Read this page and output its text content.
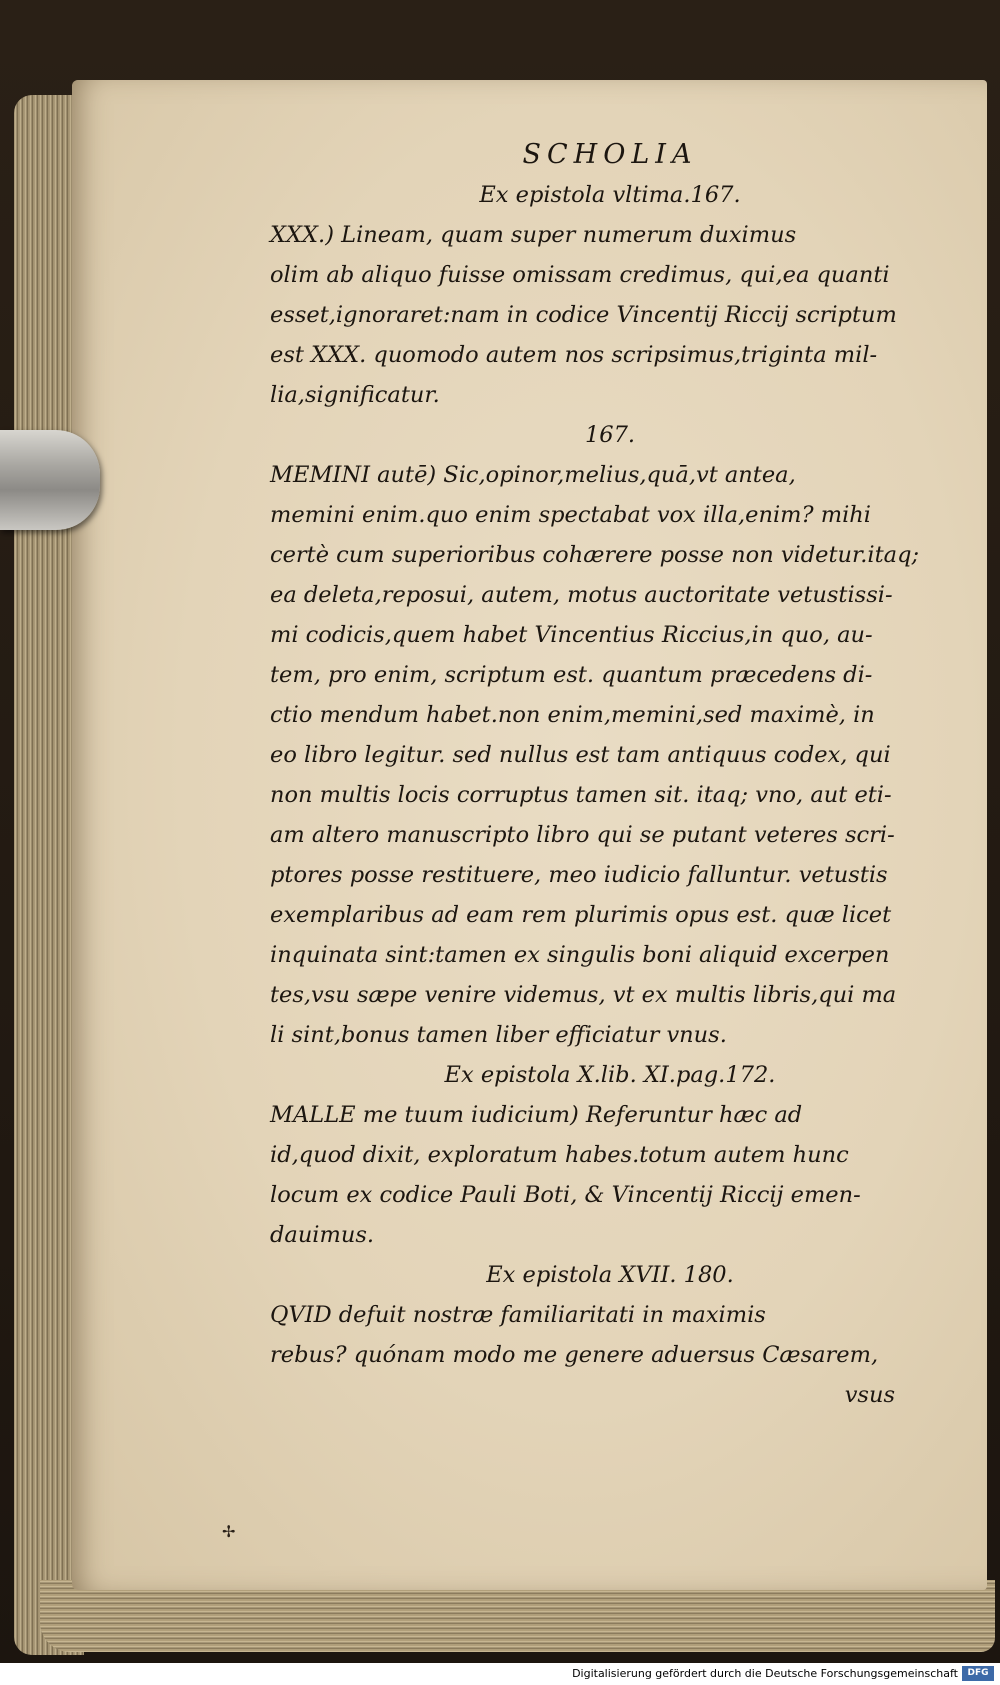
SCHOLIA
Ex epistola vltima.167.
XXX.) Lineam, quam super numerum duximus
olim ab aliquo fuisse omissam credimus, qui,ea quanti
esset,ignoraret:nam in codice Vincentij Riccij scriptum
est XXX. quomodo autem nos scripsimus,triginta mil-
lia,significatur.
167.
MEMINI autē) Sic,opinor,melius,quā,vt antea,
memini enim.quo enim spectabat vox illa,enim? mihi
certè cum superioribus cohærere posse non videtur.itaq;
ea deleta,reposui, autem, motus auctoritate vetustissi-
mi codicis,quem habet Vincentius Riccius,in quo, au-
tem, pro enim, scriptum est. quantum præcedens di-
ctio mendum habet.non enim,memini,sed maximè, in
eo libro legitur. sed nullus est tam antiquus codex, qui
non multis locis corruptus tamen sit. itaq; vno, aut eti-
am altero manuscripto libro qui se putant veteres scri-
ptores posse restituere, meo iudicio falluntur. vetustis
exemplaribus ad eam rem plurimis opus est. quæ licet
inquinata sint:tamen ex singulis boni aliquid excerpen
tes,vsu sæpe venire videmus, vt ex multis libris,qui ma
li sint,bonus tamen liber efficiatur vnus.
Ex epistola X.lib. XI.pag.172.
MALLE me tuum iudicium) Referuntur hæc ad
id,quod dixit, exploratum habes.totum autem hunc
locum ex codice Pauli Boti, & Vincentij Riccij emen-
dauimus.
Ex epistola XVII. 180.
QVID defuit nostræ familiaritati in maximis
rebus? quónam modo me genere aduersus Cæsarem,
vsus
✢
Digitalisierung gefördert durch die Deutsche Forschungsgemeinschaft	DFG
